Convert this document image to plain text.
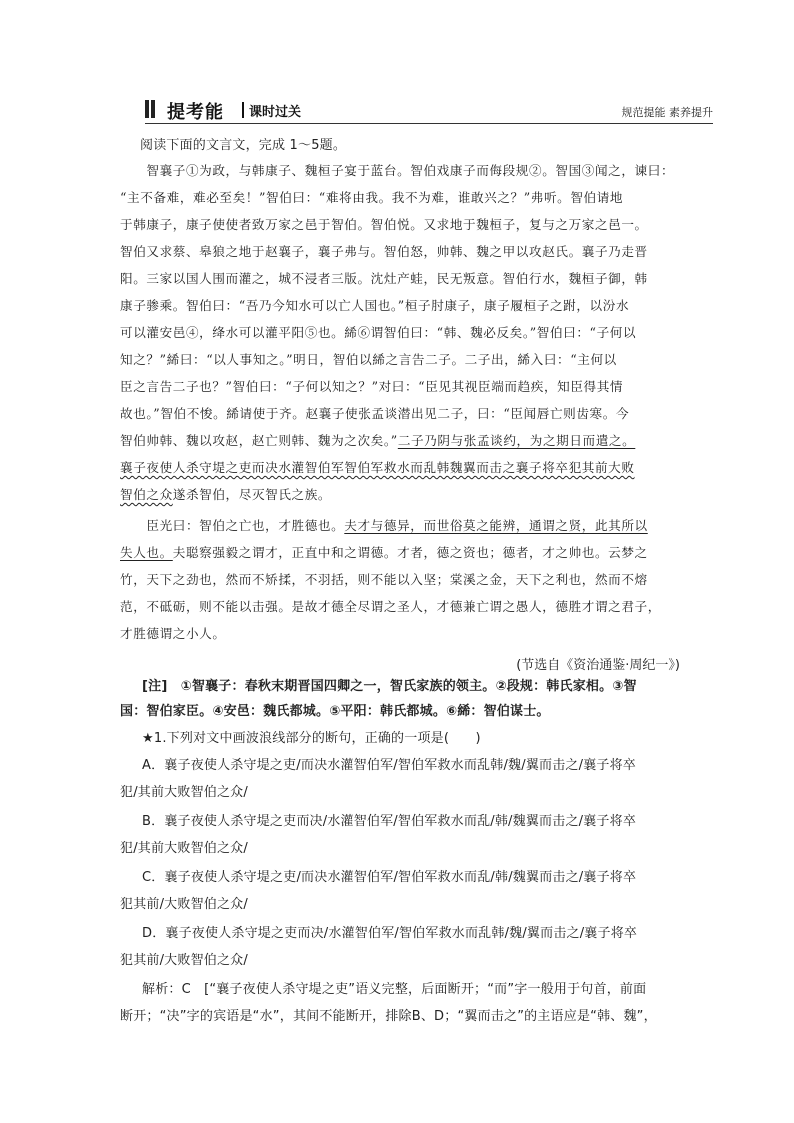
提考能 课时过关	规范提能 素养提升
阅读下面的文言文，完成 1～5题。
　　智襄子①为政，与韩康子、魏桓子宴于蓝台。智伯戏康子而侮段规②。智国③闻之，谏曰：
“主不备难，难必至矣！”智伯曰：“难将由我。我不为难，谁敢兴之？”弗听。智伯请地
于韩康子，康子使使者致万家之邑于智伯。智伯悦。又求地于魏桓子，复与之万家之邑一。
智伯又求蔡、皋狼之地于赵襄子，襄子弗与。智伯怒，帅韩、魏之甲以攻赵氏。襄子乃走晋
阳。三家以国人围而灌之，城不浸者三版。沈灶产蛙，民无叛意。智伯行水，魏桓子御，韩
康子骖乘。智伯曰：“吾乃今知水可以亡人国也。”桓子肘康子，康子履桓子之跗，以汾水
可以灌安邑④，绛水可以灌平阳⑤也。絺⑥谓智伯曰：“韩、魏必反矣。”智伯曰：“子何以
知之？”絺曰：“以人事知之。”明日，智伯以絺之言告二子。二子出，絺入曰：“主何以
臣之言告二子也？”智伯曰：“子何以知之？”对曰：“臣见其视臣端而趋疾，知臣得其情
故也。”智伯不悛。絺请使于齐。赵襄子使张孟谈潜出见二子，曰：“臣闻唇亡则齿寒。今
智伯帅韩、魏以攻赵，赵亡则韩、魏为之次矣。”二子乃阴与张孟谈约，为之期日而遣之。
襄子夜使人杀守堤之吏而决水灌智伯军智伯军救水而乱韩魏翼而击之襄子将卒犯其前大败
智伯之众遂杀智伯，尽灭智氏之族。
　　臣光曰：智伯之亡也，才胜德也。夫才与德异，而世俗莫之能辨，通谓之贤，此其所以
失人也。夫聪察强毅之谓才，正直中和之谓德。才者，德之资也；德者，才之帅也。云梦之
竹，天下之劲也，然而不矫揉，不羽括，则不能以入坚；棠溪之金，天下之利也，然而不熔
范，不砥砺，则不能以击强。是故才德全尽谓之圣人，才德兼亡谓之愚人，德胜才谓之君子，
才胜德谓之小人。
(节选自《资治通鉴·周纪一》)
[注]　①智襄子：春秋末期晋国四卿之一，智氏家族的领主。②段规：韩氏家相。③智
国：智伯家臣。④安邑：魏氏都城。⑤平阳：韩氏都城。⑥絺：智伯谋士。
★1.下列对文中画波浪线部分的断句，正确的一项是(　　)
A．襄子夜使人杀守堤之吏/而决水灌智伯军/智伯军救水而乱韩/魏/翼而击之/襄子将卒
犯/其前大败智伯之众/
B．襄子夜使人杀守堤之吏而决/水灌智伯军/智伯军救水而乱/韩/魏翼而击之/襄子将卒
犯/其前大败智伯之众/
C．襄子夜使人杀守堤之吏/而决水灌智伯军/智伯军救水而乱/韩/魏翼而击之/襄子将卒
犯其前/大败智伯之众/
D．襄子夜使人杀守堤之吏而决/水灌智伯军/智伯军救水而乱韩/魏/翼而击之/襄子将卒
犯其前/大败智伯之众/
解析：C　[“襄子夜使人杀守堤之吏”语义完整，后面断开；“而”字一般用于句首，前面
断开；“决”字的宾语是“水”，其间不能断开，排除B、D；“翼而击之”的主语应是“韩、魏”，
